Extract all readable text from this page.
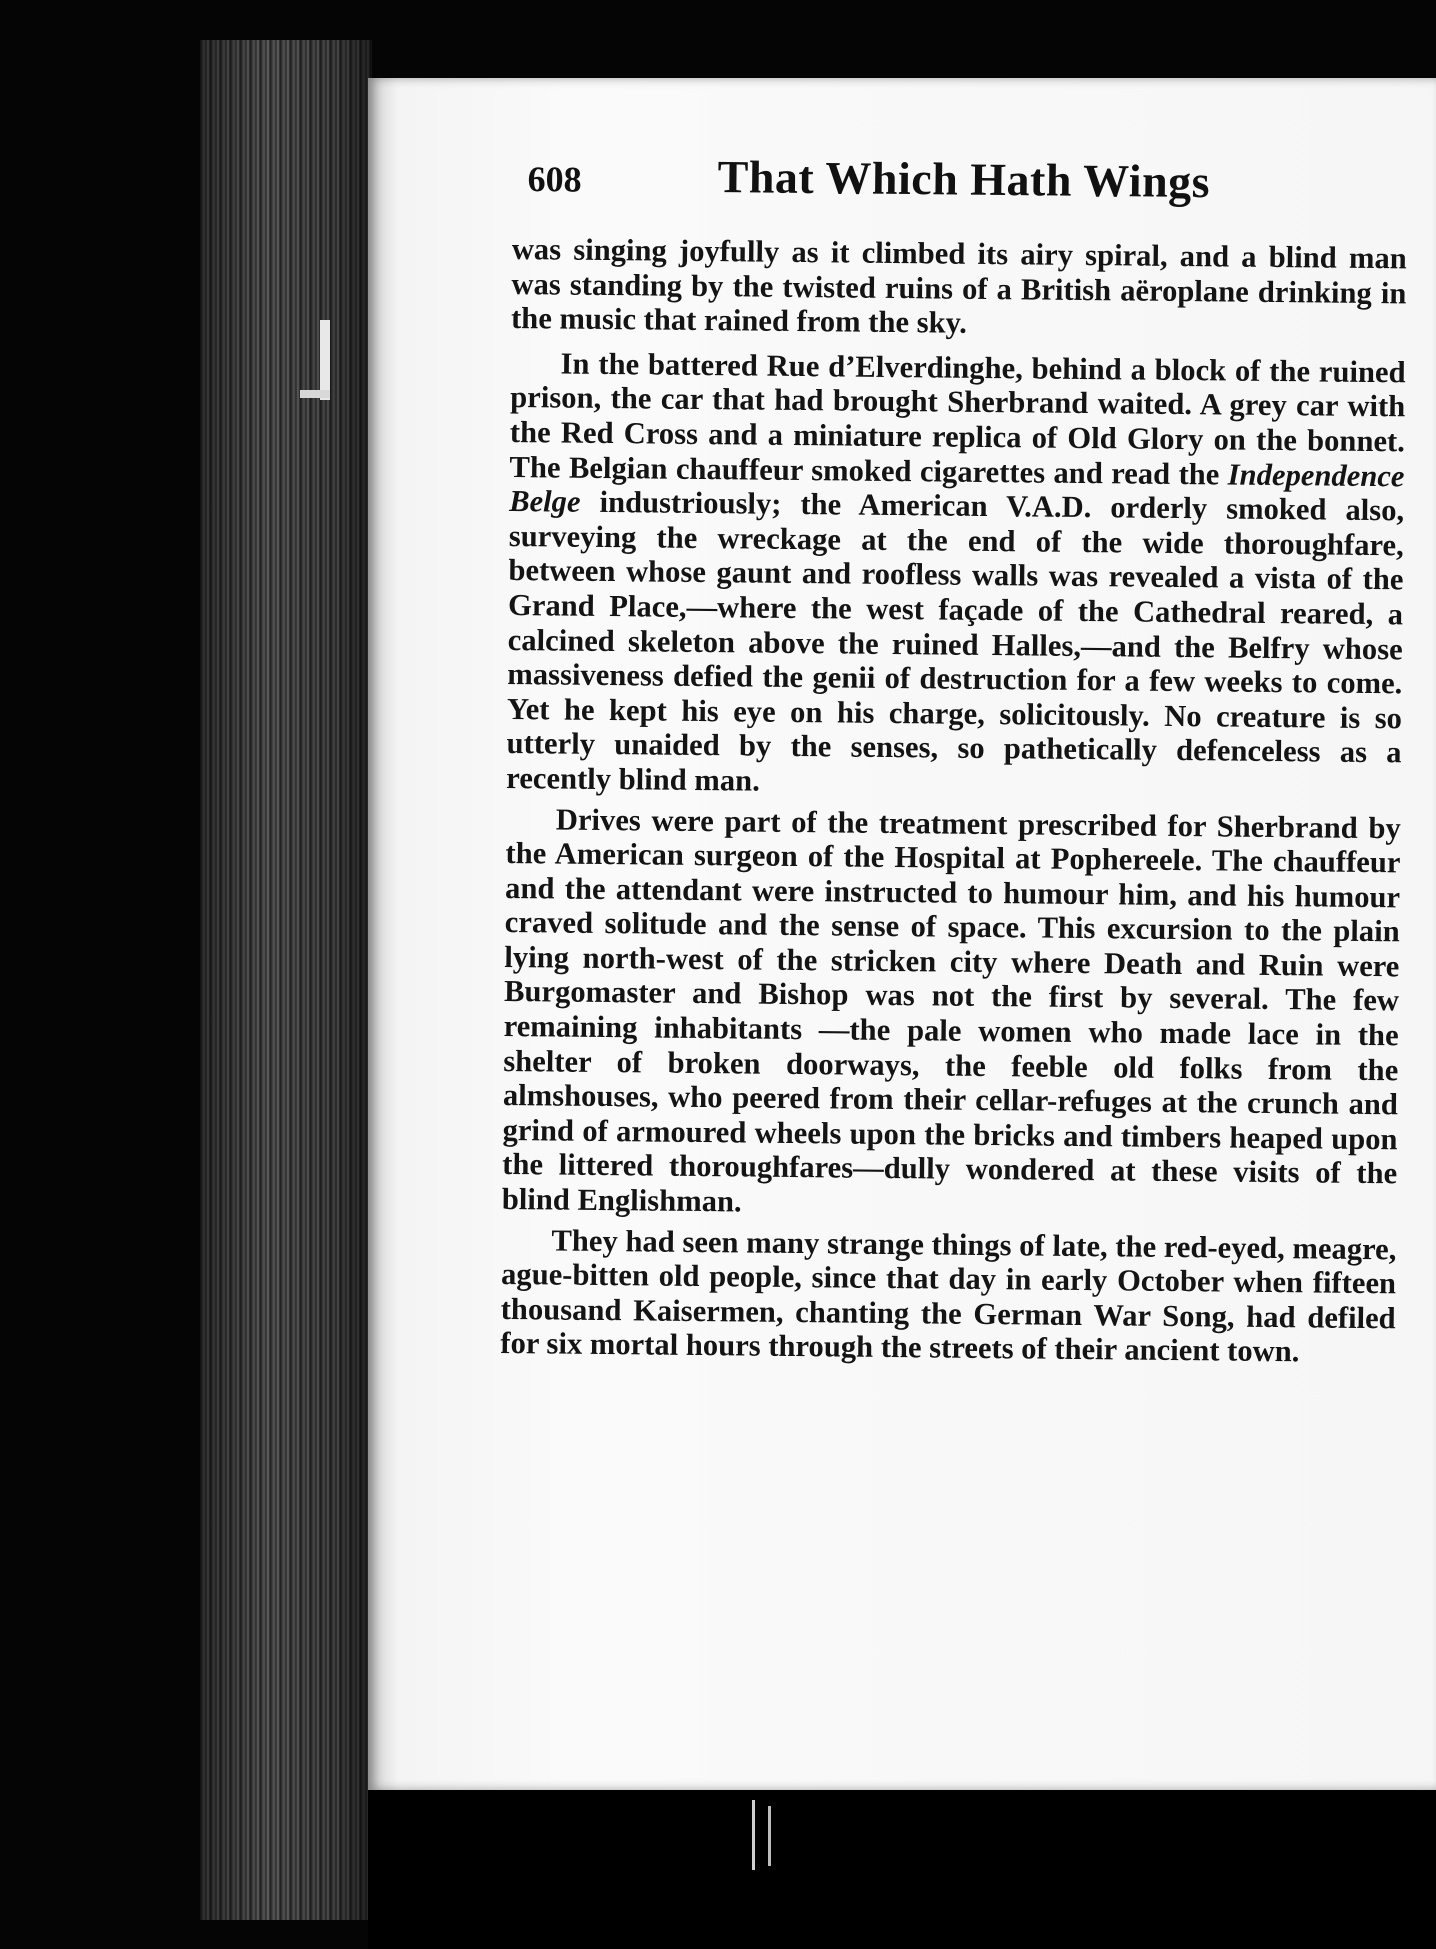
608	That Which Hath Wings

was singing joyfully as it climbed its airy spiral, and a blind man was standing by the twisted ruins of a British aëroplane drinking in the music that rained from the sky.

In the battered Rue d’Elverdinghe, behind a block of the ruined prison, the car that had brought Sherbrand waited. A grey car with the Red Cross and a miniature replica of Old Glory on the bonnet. The Belgian chauffeur smoked cigarettes and read the Independence Belge industriously; the American V.A.D. orderly smoked also, surveying the wreckage at the end of the wide thoroughfare, between whose gaunt and roofless walls was revealed a vista of the Grand Place,—where the west façade of the Cathedral reared, a calcined skeleton above the ruined Halles,—and the Belfry whose massiveness defied the genii of destruction for a few weeks to come. Yet he kept his eye on his charge, solicitously. No creature is so utterly unaided by the senses, so pathetically defenceless as a recently blind man.

Drives were part of the treatment prescribed for Sherbrand by the American surgeon of the Hospital at Pophereele. The chauffeur and the attendant were instructed to humour him, and his humour craved solitude and the sense of space. This excursion to the plain lying north-west of the stricken city where Death and Ruin were Burgomaster and Bishop was not the first by several. The few remaining inhabitants —the pale women who made lace in the shelter of broken doorways, the feeble old folks from the almshouses, who peered from their cellar-refuges at the crunch and grind of armoured wheels upon the bricks and timbers heaped upon the littered thoroughfares—dully wondered at these visits of the blind Englishman.

They had seen many strange things of late, the red-eyed, meagre, ague-bitten old people, since that day in early October when fifteen thousand Kaisermen, chanting the German War Song, had defiled for six mortal hours through the streets of their ancient town.
